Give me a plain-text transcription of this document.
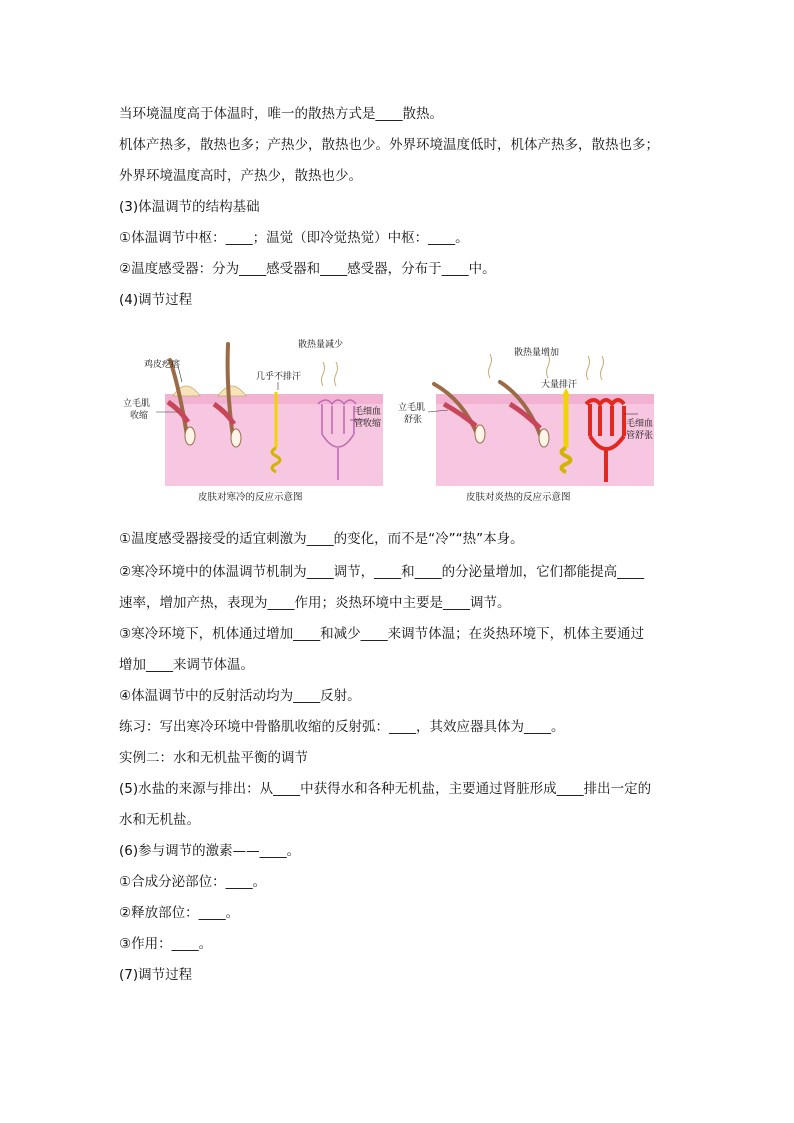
当环境温度高于体温时，唯一的散热方式是____散热。
机体产热多，散热也多；产热少，散热也少。外界环境温度低时，机体产热多，散热也多；
外界环境温度高时，产热少，散热也少。
(3)体温调节的结构基础
①体温调节中枢：____；温觉（即冷觉热觉）中枢：____。
②温度感受器：分为____感受器和____感受器，分布于____中。
(4)调节过程
鸡皮疙瘩
立毛肌
收缩
散热量减少
几乎不排汗
毛细血
管收缩
皮肤对寒冷的反应示意图
立毛肌
舒张
散热量增加
大量排汗
毛细血
管舒张
皮肤对炎热的反应示意图
①温度感受器接受的适宜刺激为____的变化，而不是“冷”“热”本身。
②寒冷环境中的体温调节机制为____调节，____和____的分泌量增加，它们都能提高____
速率，增加产热，表现为____作用；炎热环境中主要是____调节。
③寒冷环境下，机体通过增加____和减少____来调节体温；在炎热环境下，机体主要通过
增加____来调节体温。
④体温调节中的反射活动均为____反射。
练习：写出寒冷环境中骨骼肌收缩的反射弧：____，其效应器具体为____。
实例二：水和无机盐平衡的调节
(5)水盐的来源与排出：从____中获得水和各种无机盐，主要通过肾脏形成____排出一定的
水和无机盐。
(6)参与调节的激素——____。
①合成分泌部位：____。
②释放部位：____。
③作用：____。
(7)调节过程
